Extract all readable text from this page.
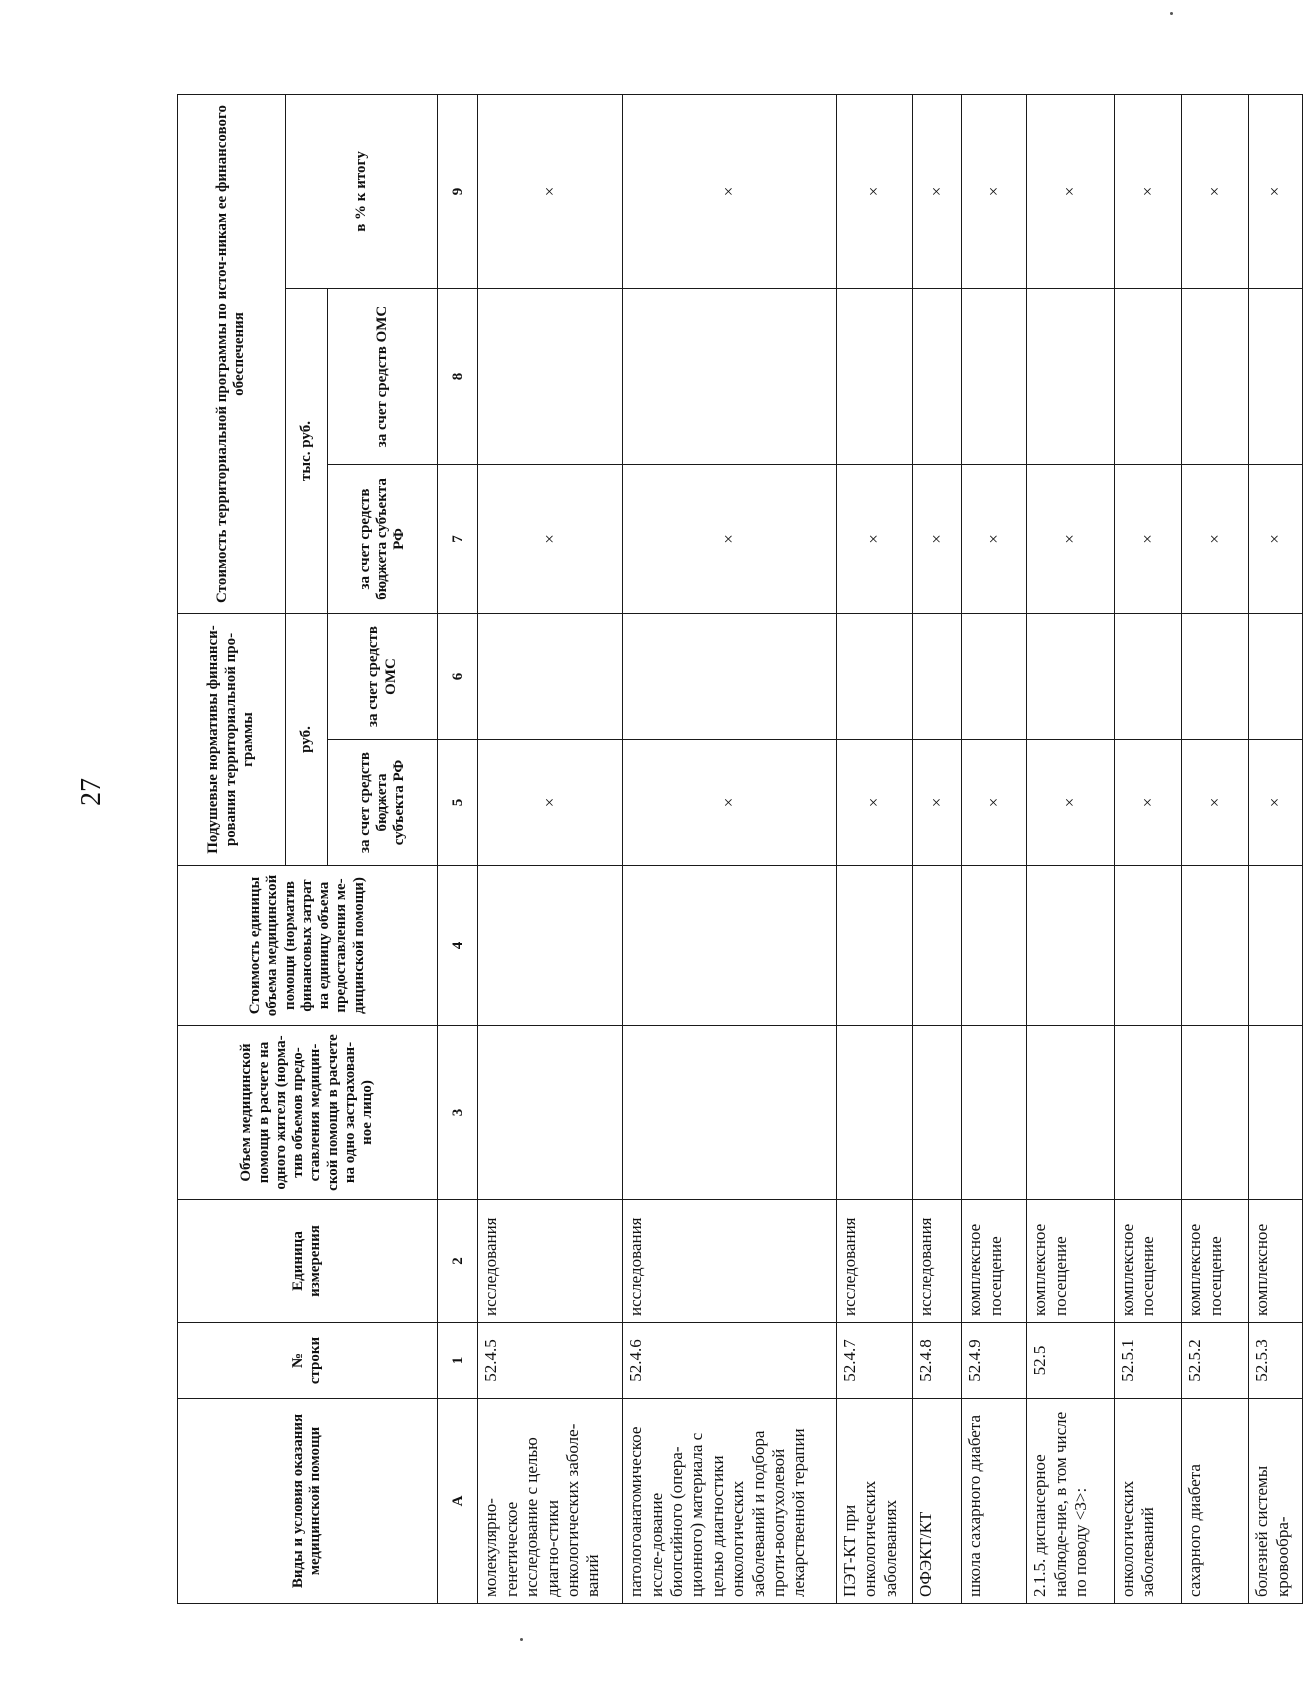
27
Виды и условия оказания медицинской помощи	№ строки	Единица измерения	Объем медицинской помощи в расчете на одного жителя (норма-тив объемов предо-ставления медицин-ской помощи в расчете на одно застрахован-ное лицо)	Стоимость единицы объема медицинской помощи (норматив финансовых затрат на единицу объема предоставления ме-дицинской помощи)	Подушевые нормативы финанси-рования территориальной про-граммы		Стоимость территориальной программы по источ-никам ее финансового обеспечения		
					руб.		тыс. руб.		в % к итогу
					за счет средств бюджета субъекта РФ	за счет средств ОМС	за счет средств бюджета субъекта РФ	за счет средств ОМС	
А	1	2	3	4	5	6	7	8	9
молекулярно-генетическое исследование с целью диагно-стики онкологических заболе-ваний	52.4.5	исследования			×		×		×
патологоанатомическое иссле-дование биопсийного (опера-ционного) материала с целью диагностики онкологических заболеваний и подбора проти-воопухолевой лекарственной терапии	52.4.6	исследования			×		×		×
ПЭТ-КТ при онкологических заболеваниях	52.4.7	исследования			×		×		×
ОФЭКТ/КТ	52.4.8	исследования			×		×		×
школа сахарного диабета	52.4.9	комплексное посещение			×		×		×
2.1.5. диспансерное наблюде-ние, в том числе по поводу <3>:	52.5	комплексное посещение			×		×		×
онкологических заболеваний	52.5.1	комплексное посещение			×		×		×
сахарного диабета	52.5.2	комплексное посещение			×		×		×
болезней системы кровообра-	52.5.3	комплексное			×		×		×
